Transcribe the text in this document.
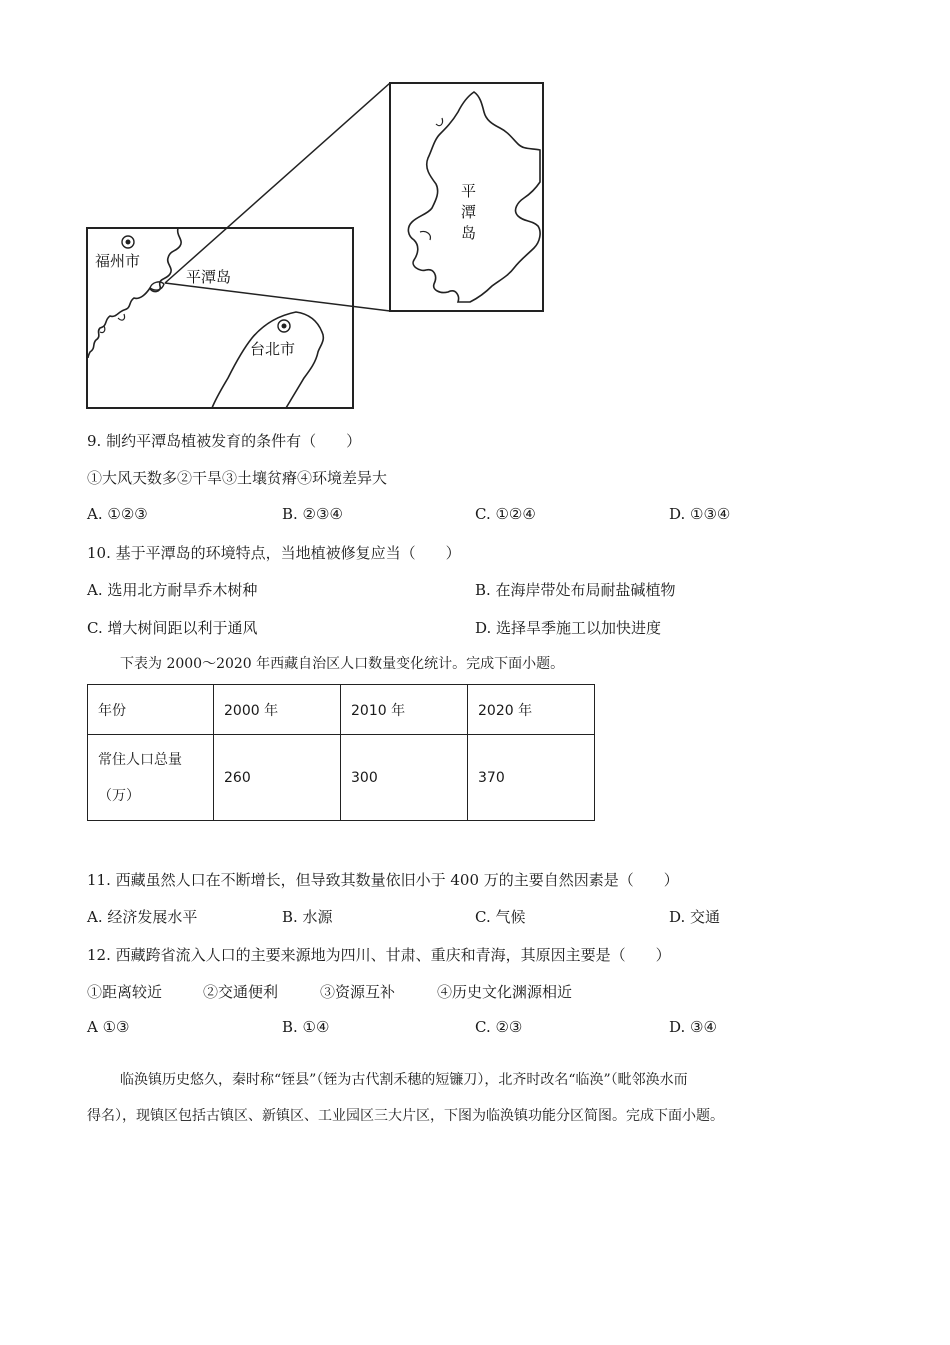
福州市
平潭岛
台北市
平
潭
岛
9. 制约平潭岛植被发育的条件有（　　）
①大风天数多②干旱③土壤贫瘠④环境差异大
A. ①②③	B. ②③④	C. ①②④	D. ①③④
10. 基于平潭岛的环境特点，当地植被修复应当（　　）
A. 选用北方耐旱乔木树种	B. 在海岸带处布局耐盐碱植物
C. 增大树间距以利于通风	D. 选择旱季施工以加快进度
下表为 2000～2020 年西藏自治区人口数量变化统计。完成下面小题。
年份	2000 年	2010 年	2020 年

常住人口总量
（万）	260	300	370
11. 西藏虽然人口在不断增长，但导致其数量依旧小于 400 万的主要自然因素是（　　）
A. 经济发展水平	B. 水源	C. 气候	D. 交通
12. 西藏跨省流入人口的主要来源地为四川、甘肃、重庆和青海，其原因主要是（　　）
①距离较近	②交通便利	③资源互补	④历史文化渊源相近
A ①③	B. ①④	C. ②③	D. ③④
临涣镇历史悠久，秦时称“铚县”（铚为古代割禾穗的短镰刀），北齐时改名“临涣”（毗邻涣水而
得名），现镇区包括古镇区、新镇区、工业园区三大片区，下图为临涣镇功能分区简图。完成下面小题。
